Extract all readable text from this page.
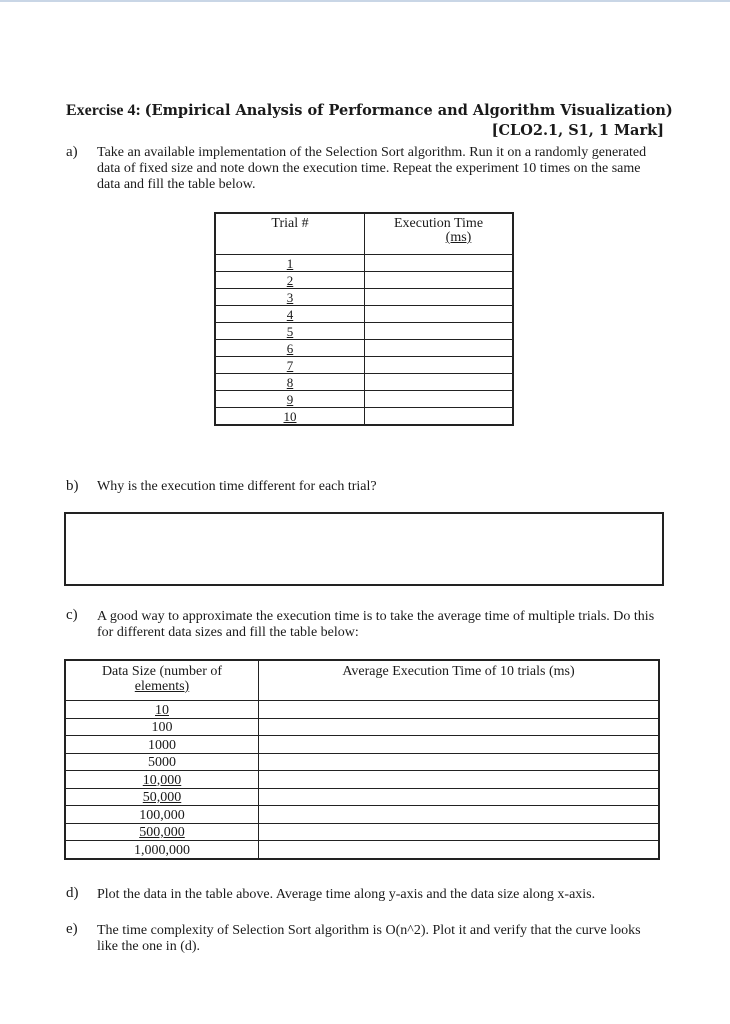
Exercise 4: (Empirical Analysis of Performance and Algorithm Visualization)
[CLO2.1, S1, 1 Mark]
a) Take an available implementation of the Selection Sort algorithm. Run it on a randomly generated data of fixed size and note down the execution time. Repeat the experiment 10 times on the same data and fill the table below.
Trial #	Execution Time
(ms)

1	
2	
3	
4	
5	
6	
7	
8	
9	
10	
b) Why is the execution time different for each trial?
c) A good way to approximate the execution time is to take the average time of multiple trials. Do this for different data sizes and fill the table below:
Data Size (number of
elements)	Average Execution Time of 10 trials (ms)
10	
100	
1000	
5000	
10,000	
50,000	
100,000	
500,000	
1,000,000	
d) Plot the data in the table above. Average time along y-axis and the data size along x-axis.
e) The time complexity of Selection Sort algorithm is O(n^2). Plot it and verify that the curve looks like the one in (d).
